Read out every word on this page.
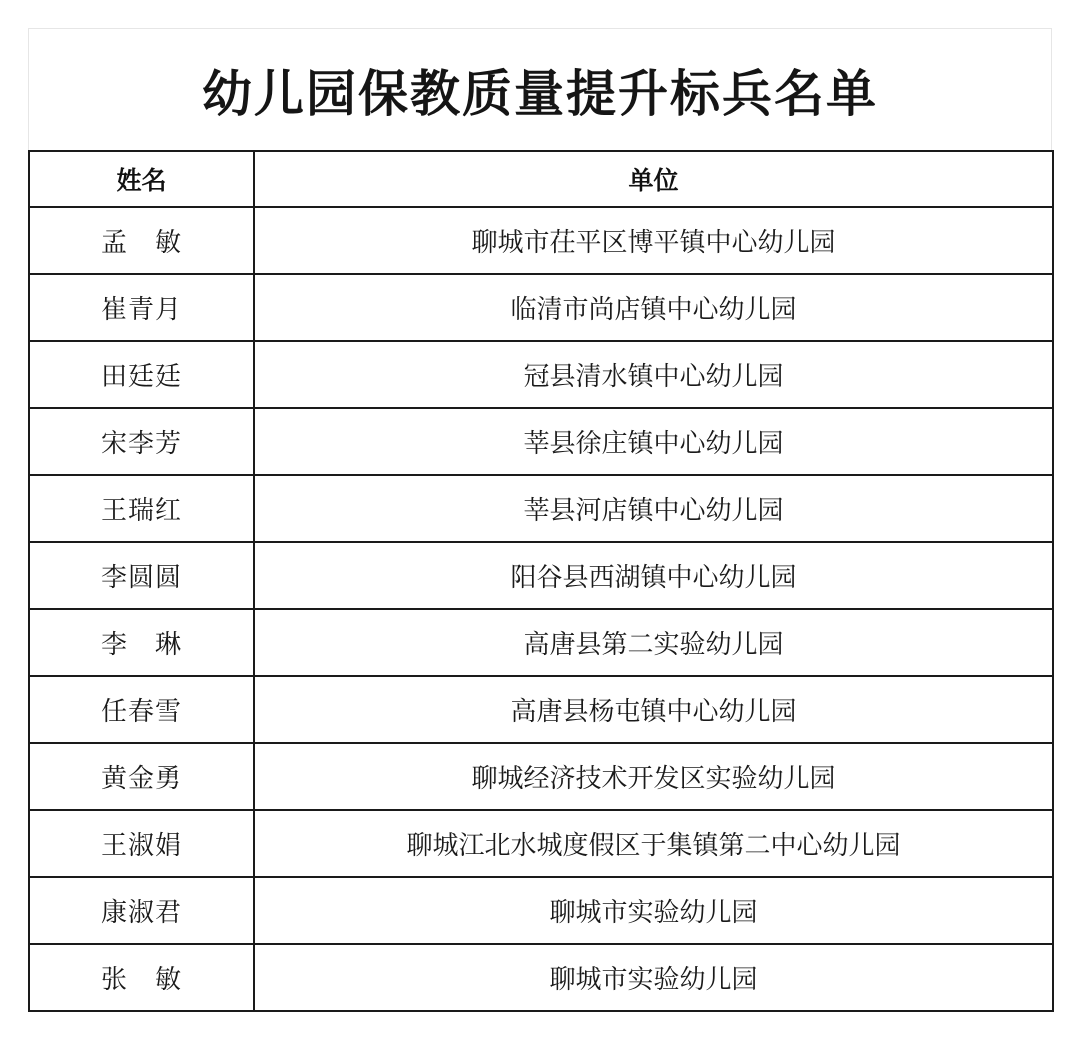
幼儿园保教质量提升标兵名单
姓名	单位
孟　敏	聊城市茌平区博平镇中心幼儿园
崔青月	临清市尚店镇中心幼儿园
田廷廷	冠县清水镇中心幼儿园
宋李芳	莘县徐庄镇中心幼儿园
王瑞红	莘县河店镇中心幼儿园
李圆圆	阳谷县西湖镇中心幼儿园
李　琳	高唐县第二实验幼儿园
任春雪	高唐县杨屯镇中心幼儿园
黄金勇	聊城经济技术开发区实验幼儿园
王淑娟	聊城江北水城度假区于集镇第二中心幼儿园
康淑君	聊城市实验幼儿园
张　敏	聊城市实验幼儿园
